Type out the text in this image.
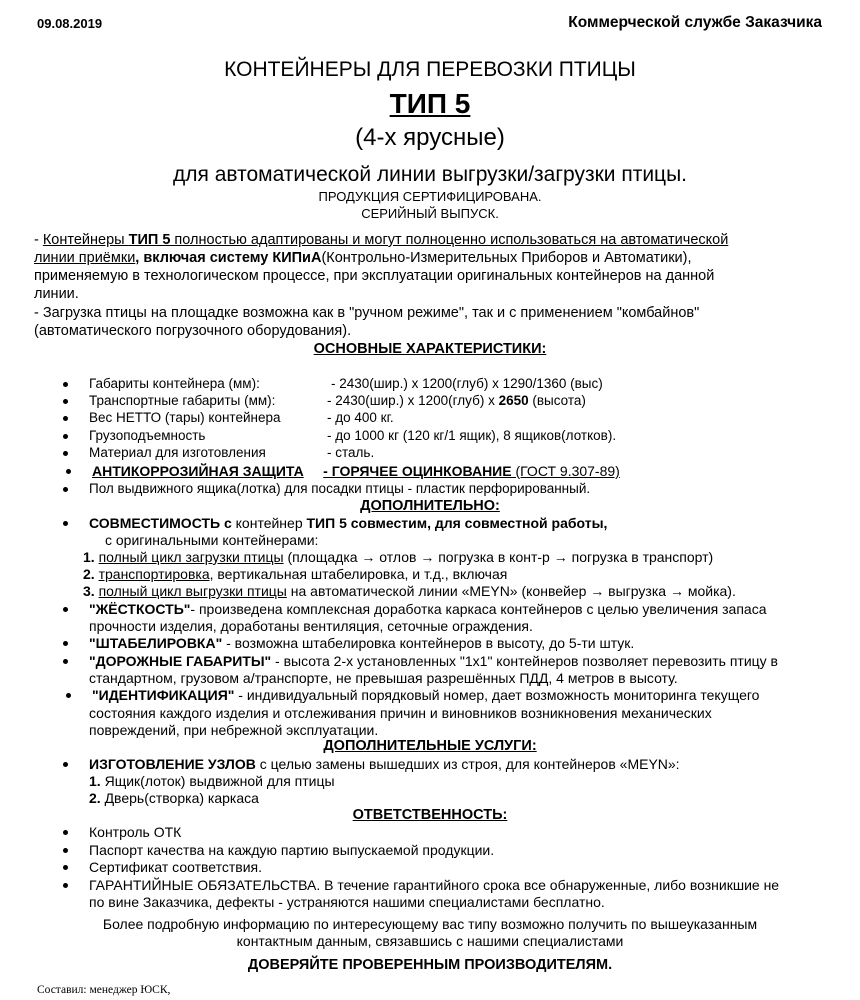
09.08.2019	Коммерческой службе Заказчика
КОНТЕЙНЕРЫ ДЛЯ ПЕРЕВОЗКИ ПТИЦЫ
ТИП 5
(4-х ярусные)
для автоматической линии выгрузки/загрузки птицы.
ПРОДУКЦИЯ СЕРТИФИЦИРОВАНА.
СЕРИЙНЫЙ ВЫПУСК.
- Контейнеры ТИП 5 полностью адаптированы и могут полноценно использоваться на автоматической
линии приёмки, включая систему КИПиА(Контрольно-Измерительных Приборов и Автоматики),
применяемую в технологическом процессе, при эксплуатации оригинальных контейнеров на данной
линии.
- Загрузка птицы на площадке возможна как в "ручном режиме", так и с применением "комбайнов"
(автоматического погрузочного оборудования).
ОСНОВНЫЕ ХАРАКТЕРИСТИКИ:
Габариты контейнера (мм):	- 2430(шир.) х 1200(глуб) х 1290/1360 (выс)
Транспортные габариты (мм):	- 2430(шир.) х 1200(глуб) х 2650 (высота)
Вес НЕТТО (тары) контейнера	- до 400 кг.
Грузоподъемность	- до 1000 кг (120 кг/1 ящик), 8 ящиков(лотков).
Материал для изготовления	- сталь.
АНТИКОРРОЗИЙНАЯ ЗАЩИТА - ГОРЯЧЕЕ ОЦИНКОВАНИЕ (ГОСТ 9.307-89)
Пол выдвижного ящика(лотка) для посадки птицы - пластик перфорированный.
ДОПОЛНИТЕЛЬНО:
СОВМЕСТИМОСТЬ с контейнер ТИП 5 совместим, для совместной работы,
с оригинальными контейнерами:
1. полный цикл загрузки птицы (площадка → отлов → погрузка в конт-р → погрузка в транспорт)
2. транспортировка, вертикальная штабелировка, и т.д., включая
3. полный цикл выгрузки птицы на автоматической линии «MEYN» (конвейер → выгрузка → мойка).
"ЖЁСТКОСТЬ"- произведена комплексная доработка каркаса контейнеров с целью увеличения запаса
прочности изделия, доработаны вентиляция, сеточные ограждения.
"ШТАБЕЛИРОВКА" - возможна штабелировка контейнеров в высоту, до 5-ти штук.
"ДОРОЖНЫЕ ГАБАРИТЫ" - высота 2-х установленных "1х1" контейнеров позволяет перевозить птицу в
стандартном, грузовом а/транспорте, не превышая разрешённых ПДД, 4 метров в высоту.
"ИДЕНТИФИКАЦИЯ" - индивидуальный порядковый номер, дает возможность мониторинга текущего
состояния каждого изделия и отслеживания причин и виновников возникновения механических
повреждений, при небрежной эксплуатации.
ДОПОЛНИТЕЛЬНЫЕ УСЛУГИ:
ИЗГОТОВЛЕНИЕ УЗЛОВ с целью замены вышедших из строя, для контейнеров «MEYN»:
1. Ящик(лоток) выдвижной для птицы
2. Дверь(створка) каркаса
ОТВЕТСТВЕННОСТЬ:
Контроль ОТК
Паспорт качества на каждую партию выпускаемой продукции.
Сертификат соответствия.
ГАРАНТИЙНЫЕ ОБЯЗАТЕЛЬСТВА. В течение гарантийного срока все обнаруженные, либо возникшие не
по вине Заказчика, дефекты - устраняются нашими специалистами бесплатно.
Более подробную информацию по интересующему вас типу возможно получить по вышеуказанным
контактным данным, связавшись с нашими специалистами
ДОВЕРЯЙТЕ ПРОВЕРЕННЫМ ПРОИЗВОДИТЕЛЯМ.
Составил: менеджер ЮСК,
